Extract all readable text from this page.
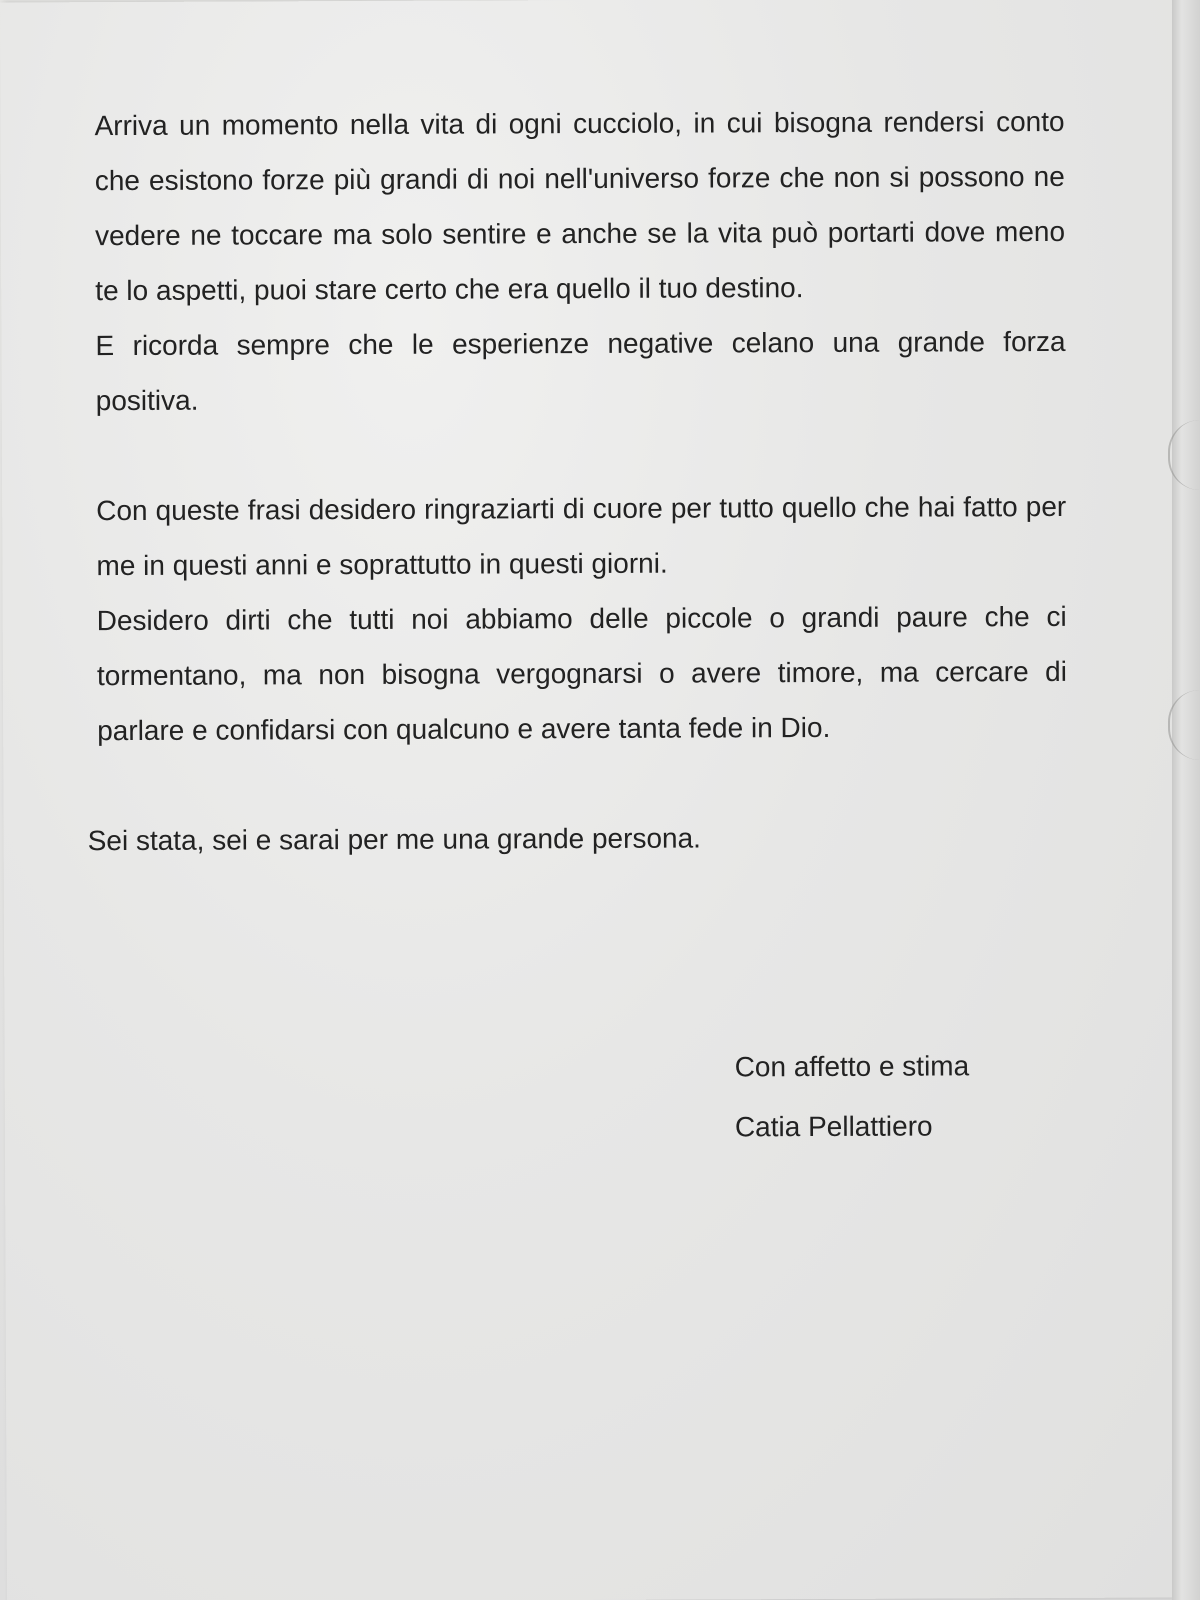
Arriva un momento nella vita di ogni cucciolo, in cui bisogna rendersi conto che esistono forze più grandi di noi nell'universo forze che non si possono ne vedere ne toccare ma solo sentire e anche se la vita può portarti dove meno te lo aspetti, puoi stare certo che era quello il tuo destino.

E ricorda sempre che le esperienze negative celano una grande forza positiva.

Con queste frasi desidero ringraziarti di cuore per tutto quello che hai fatto per me in questi anni e soprattutto in questi giorni.

Desidero dirti che tutti noi abbiamo delle piccole o grandi paure che ci tormentano, ma non bisogna vergognarsi o avere timore, ma cercare di parlare e confidarsi con qualcuno e avere tanta fede in Dio.

Sei stata, sei e sarai per me una grande persona.

Con affetto e stima
Catia Pellattiero
